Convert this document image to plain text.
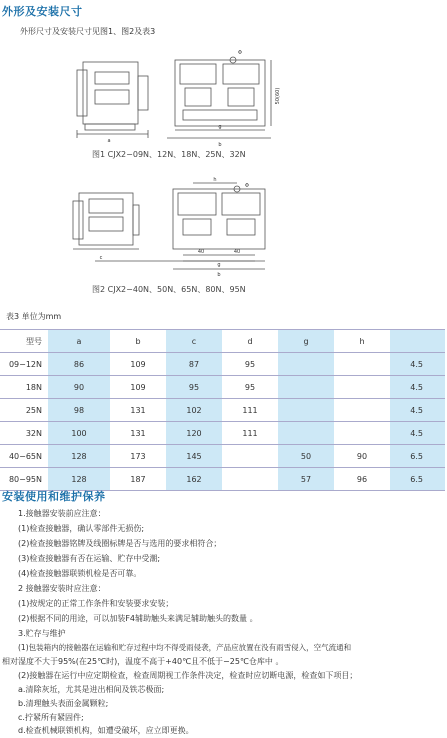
外形及安装尺寸
外形尺寸及安装尺寸见图1、图2及表3
a
g
b
50(60)
Φ
图1 CJX2−09N、12N、18N、25N、32N
h
Φ
40	40
g
b
c
图2 CJX2−40N、50N、65N、80N、95N
表3 单位为mm
型号	a	b	c	d	g	h	
09−12N	86	109	87	95			4.5
18N	90	109	95	95			4.5
25N	98	131	102	111			4.5
32N	100	131	120	111			4.5
40−65N	128	173	145		50	90	6.5
80−95N	128	187	162		57	96	6.5
安装使用和维护保养
1.接触器安装前应注意：
(1)检查接触器，确认零部件无损伤;
(2)检查接触器铭牌及线圈标牌是否与选用的要求相符合；
(3)检查接触器有否在运输、贮存中受潮;
(4)检查接触器联锁机检是否可靠。
2 接触器安装时应注意：
(1)按规定的正常工作条件和安装要求安装；
(2)根据不同的用途，可以加装F4辅助触头来满足辅助触头的数量 。
3.贮存与维护
(1)包装箱内的接触器在运输和贮存过程中均不得受雨侵袭，产品应放置在没有雨雪侵入，空气流通和
相对湿度不大于95%(在25℃时)，温度不高于+40℃且不低于−25℃仓库中 。
(2)接触器在运行中应定期检查，检查周期视工作条件决定，检查时应切断电源，检查如下项目；
a.清除灰坵，尤其是进出相间及铁芯极面;
b.清理触头表面金属颗粒;
c.拧紧所有紧固件;
d.检查机械联锁机构，如遭受破坏，应立即更换。
